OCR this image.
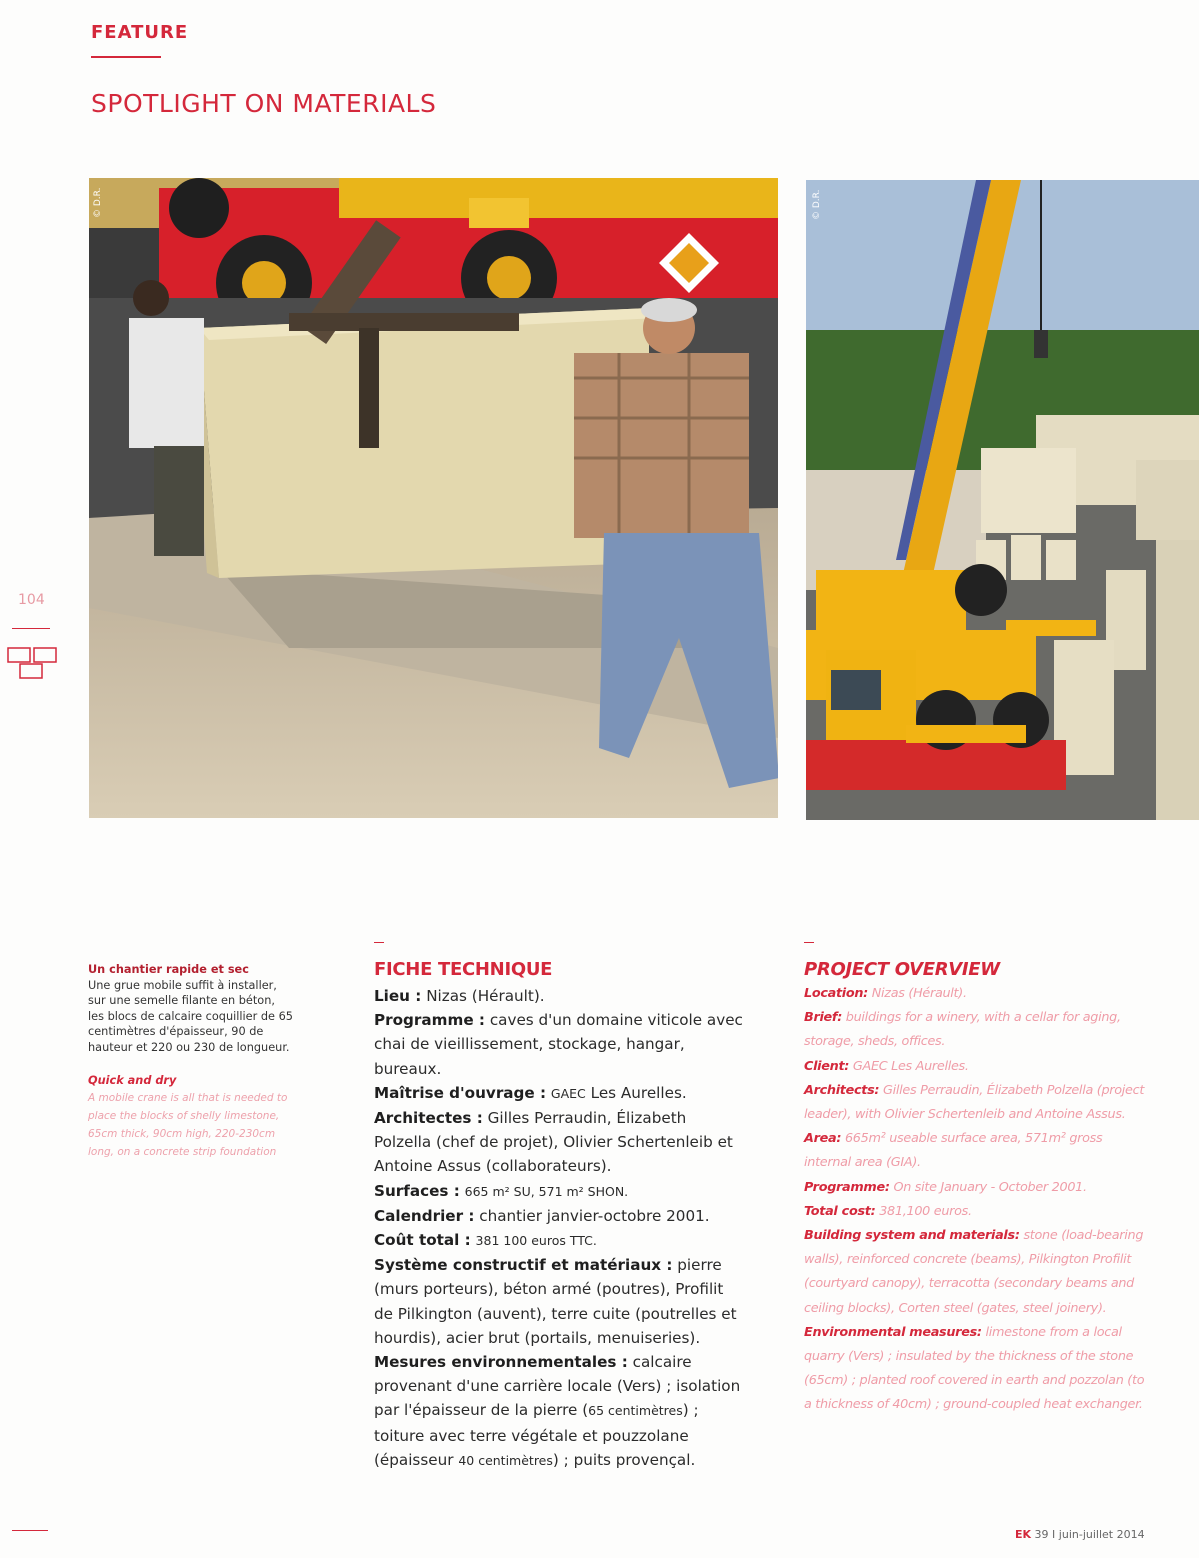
FEATURE
SPOTLIGHT ON MATERIALS
© D.R.	© D.R.
104
Un chantier rapide et sec
Une grue mobile suffit à installer, sur une semelle filante en béton, les blocs de calcaire coquillier de 65 centimètres d'épaisseur, 90 de hauteur et 220 ou 230 de longueur.
Quick and dry
A mobile crane is all that is needed to place the blocks of shelly limestone, 65cm thick, 90cm high, 220-230cm long, on a concrete strip foundation
FICHE TECHNIQUE

Lieu : Nizas (Hérault).
Programme : caves d'un domaine viticole avec chai de vieillissement, stockage, hangar, bureaux.
Maîtrise d'ouvrage : GAEC Les Aurelles.
Architectes : Gilles Perraudin, Élizabeth Polzella (chef de projet), Olivier Schertenleib et Antoine Assus (collaborateurs).
Surfaces : 665 m² SU, 571 m² SHON.
Calendrier : chantier janvier-octobre 2001.
Coût total : 381 100 euros TTC.
Système constructif et matériaux : pierre (murs porteurs), béton armé (poutres), Profilit de Pilkington (auvent), terre cuite (poutrelles et hourdis), acier brut (portails, menuiseries).
Mesures environnementales : calcaire provenant d'une carrière locale (Vers) ; isolation par l'épaisseur de la pierre (65 centimètres) ; toiture avec terre végétale et pouzzolane (épaisseur 40 centimètres) ; puits provençal.

PROJECT OVERVIEW

Location: Nizas (Hérault).
Brief: buildings for a winery, with a cellar for aging, storage, sheds, offices.
Client: GAEC Les Aurelles.
Architects: Gilles Perraudin, Élizabeth Polzella (project leader), with Olivier Schertenleib and Antoine Assus.
Area: 665m² useable surface area, 571m² gross internal area (GIA).
Programme: On site January - October 2001.
Total cost: 381,100 euros.
Building system and materials: stone (load-bearing walls), reinforced concrete (beams), Pilkington Profilit (courtyard canopy), terracotta (secondary beams and ceiling blocks), Corten steel (gates, steel joinery).
Environmental measures: limestone from a local quarry (Vers) ; insulated by the thickness of the stone (65cm) ; planted roof covered in earth and pozzolan (to a thickness of 40cm) ; ground-coupled heat exchanger.

EK 39 I juin-juillet 2014
